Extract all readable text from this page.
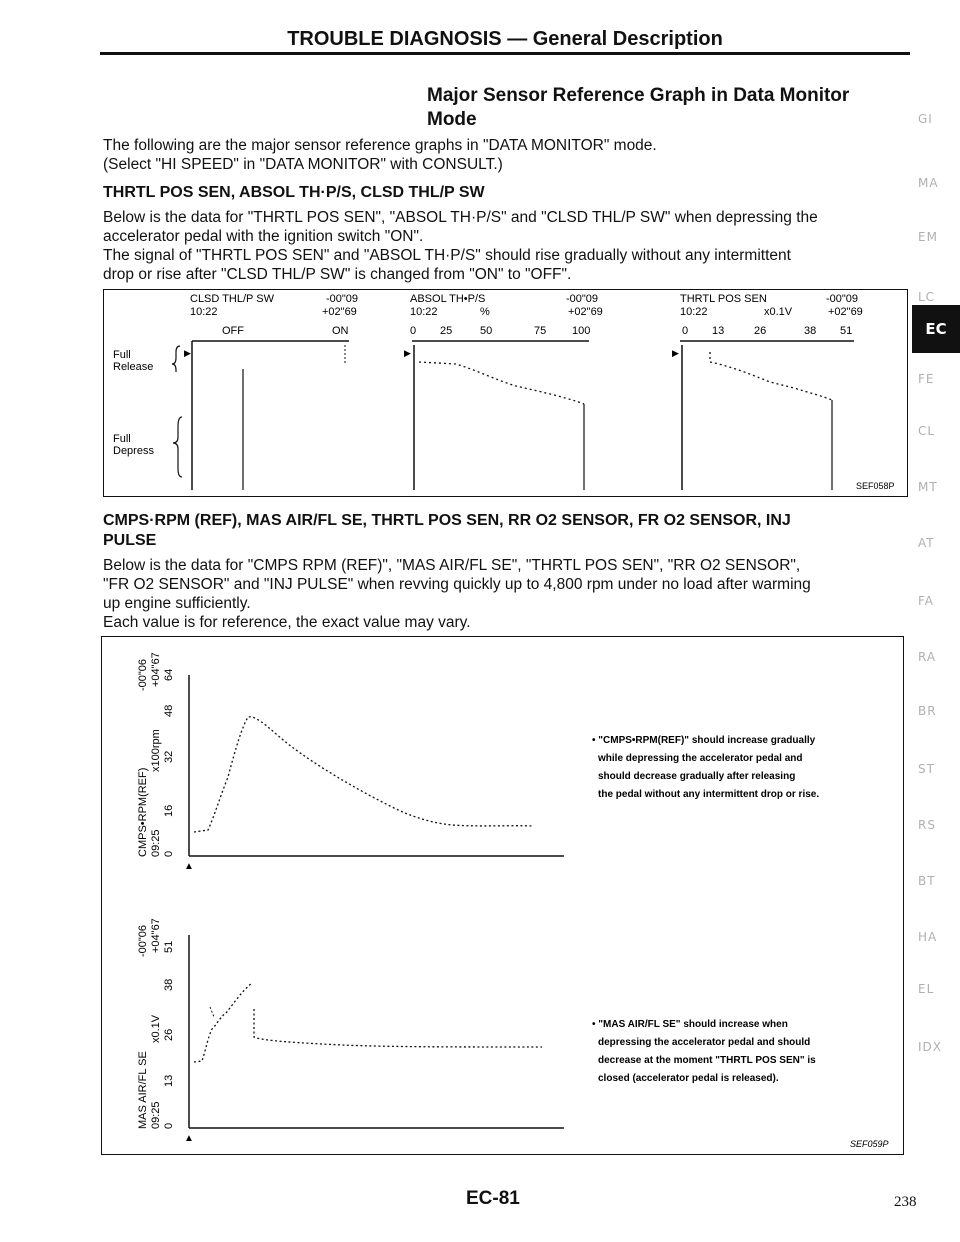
TROUBLE DIAGNOSIS — General Description
Major Sensor Reference Graph in Data Monitor
Mode
The following are the major sensor reference graphs in "DATA MONITOR" mode.
(Select "HI SPEED" in "DATA MONITOR" with CONSULT.)
THRTL POS SEN, ABSOL TH·P/S, CLSD THL/P SW
Below is the data for "THRTL POS SEN", "ABSOL TH·P/S" and "CLSD THL/P SW" when depressing the
accelerator pedal with the ignition switch "ON".
The signal of "THRTL POS SEN" and "ABSOL TH·P/S" should rise gradually without any intermittent
drop or rise after "CLSD THL/P SW" is changed from "ON" to "OFF".
Full
Release
Full
Depress
▶
CLSD THL/P SW
10:22
-00"09
+02"69
OFF	ON
ABSOL TH•P/S
10:22	%
-00"09
+02"69
0 25	50	75 100
▶
THRTL POS SEN
10:22	x0.1V
-00"09
+02"69
0 13	26	38 51
▶
SEF058P
CMPS·RPM (REF), MAS AIR/FL SE, THRTL POS SEN, RR O2 SENSOR, FR O2 SENSOR, INJ
PULSE
Below is the data for "CMPS RPM (REF)", "MAS AIR/FL SE", "THRTL POS SEN", "RR O2 SENSOR",
"FR O2 SENSOR" and "INJ PULSE" when revving quickly up to 4,800 rpm under no load after warming
up engine sufficiently.
Each value is for reference, the exact value may vary.
CMPS•RPM(REF) 09:25 0
x100rpm
16
32
48
+04"67 64
-00"06
▲
• "CMPS•RPM(REF)" should increase gradually
while depressing the accelerator pedal and
should decrease gradually after releasing
the pedal without any intermittent drop or rise.
MAS AIR/FL SE 09:25 0
x0.1V
13
26
38
+04"67 51
-00"06
▲
• "MAS AIR/FL SE" should increase when
depressing the accelerator pedal and should
decrease at the moment "THRTL POS SEN" is
closed (accelerator pedal is released).
SEF059P
GI
MA
EM
LC
EC
FE
CL
MT
AT
FA
RA
BR
ST
RS
BT
HA
EL
IDX
EC-81	238
